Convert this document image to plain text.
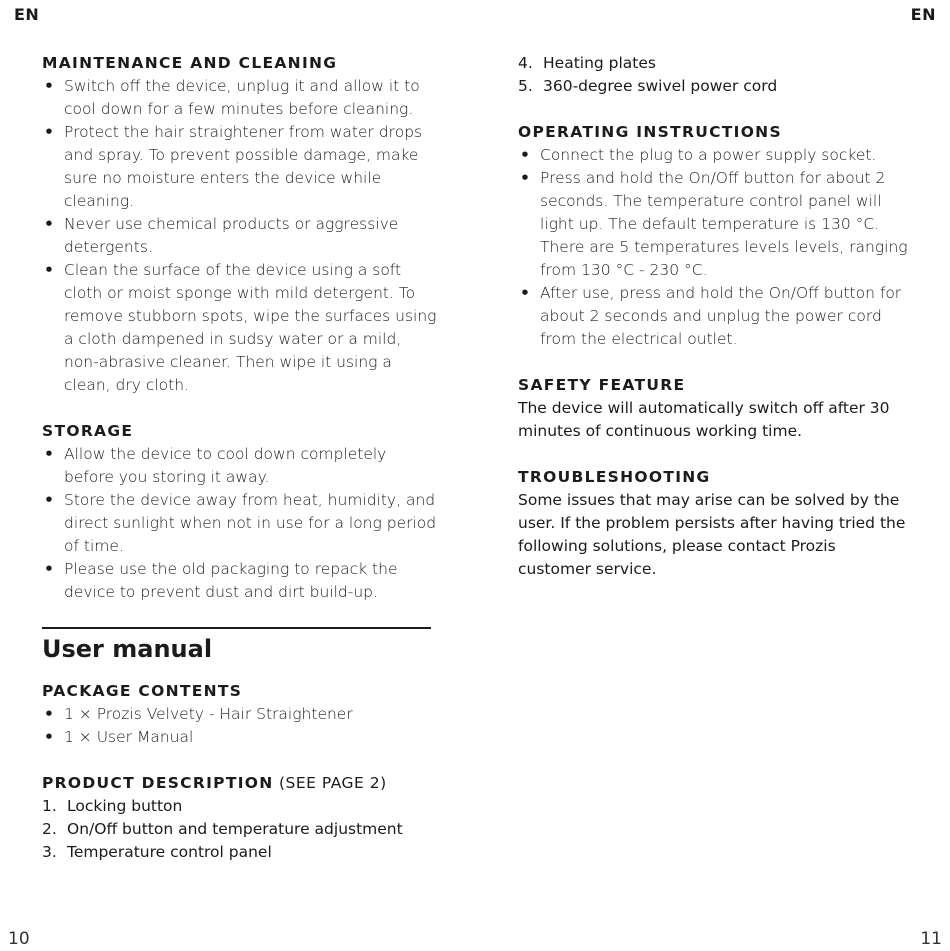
EN	EN
MAINTENANCE AND CLEANING
• Switch off the device, unplug it and allow it to cool down for a few minutes before cleaning.
• Protect the hair straightener from water drops and spray. To prevent possible damage, make sure no moisture enters the device while cleaning.
• Never use chemical products or aggressive detergents.
• Clean the surface of the device using a soft cloth or moist sponge with mild detergent. To remove stubborn spots, wipe the surfaces using a cloth dampened in sudsy water or a mild, non-abrasive cleaner. Then wipe it using a clean, dry cloth.
STORAGE
• Allow the device to cool down completely before you storing it away.
• Store the device away from heat, humidity, and direct sunlight when not in use for a long period of time.
• Please use the old packaging to repack the device to prevent dust and dirt build-up.
User manual
PACKAGE CONTENTS
• 1 × Prozis Velvety - Hair Straightener
• 1 × User Manual
PRODUCT DESCRIPTION (SEE PAGE 2)
1. Locking button
2. On/Off button and temperature adjustment
3. Temperature control panel
4. Heating plates
5. 360-degree swivel power cord
OPERATING INSTRUCTIONS
• Connect the plug to a power supply socket.
• Press and hold the On/Off button for about 2 seconds. The temperature control panel will light up. The default temperature is 130 °C. There are 5 temperatures levels levels, ranging from 130 °C - 230 °C.
• After use, press and hold the On/Off button for about 2 seconds and unplug the power cord from the electrical outlet.
SAFETY FEATURE

The device will automatically switch off after 30 minutes of continuous working time.

TROUBLESHOOTING

Some issues that may arise can be solved by the user. If the problem persists after having tried the following solutions, please contact Prozis customer service.

10	11
